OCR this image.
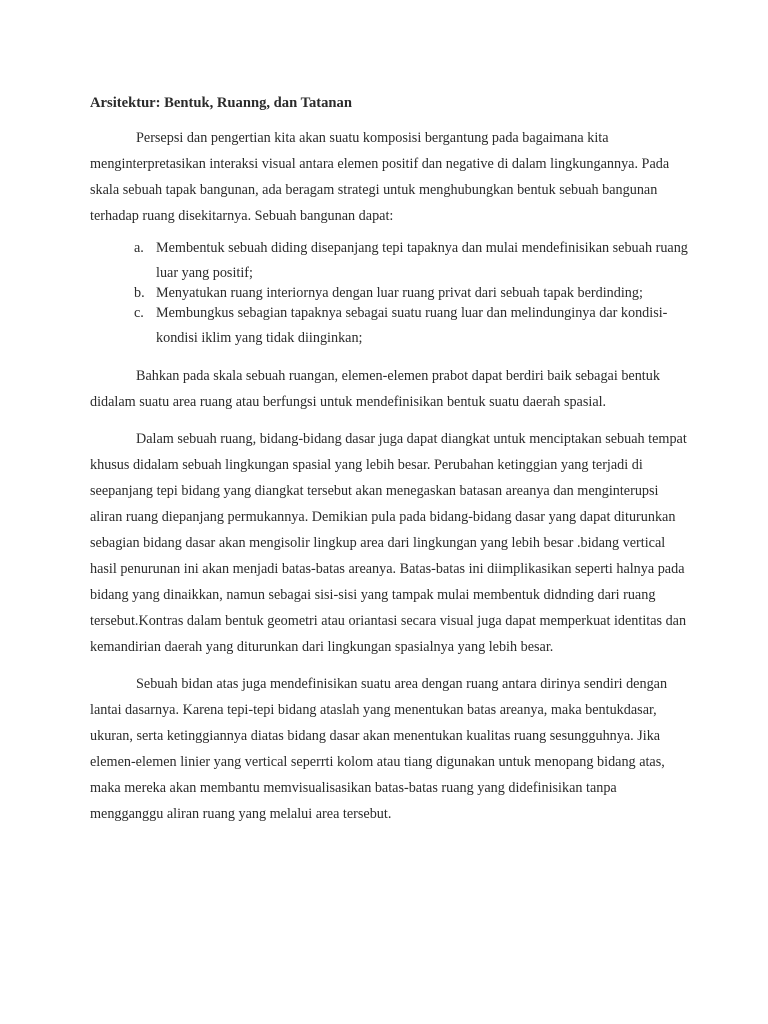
Arsitektur: Bentuk, Ruanng, dan Tatanan

Persepsi dan pengertian kita akan suatu komposisi bergantung pada bagaimana kita menginterpretasikan interaksi visual antara elemen positif dan negative di dalam lingkungannya. Pada skala sebuah tapak bangunan, ada beragam strategi untuk menghubungkan bentuk sebuah bangunan terhadap ruang disekitarnya. Sebuah bangunan dapat:

a. Membentuk sebuah diding disepanjang tepi tapaknya dan mulai mendefinisikan sebuah ruang luar yang positif;
b. Menyatukan ruang interiornya dengan luar ruang privat dari sebuah tapak berdinding;
c. Membungkus sebagian tapaknya sebagai suatu ruang luar dan melindunginya dar kondisi-kondisi iklim yang tidak diinginkan;

Bahkan pada skala sebuah ruangan, elemen-elemen prabot dapat berdiri baik sebagai bentuk didalam suatu area ruang atau berfungsi untuk mendefinisikan bentuk suatu daerah spasial.

Dalam sebuah ruang, bidang-bidang dasar juga dapat diangkat untuk menciptakan sebuah tempat khusus didalam sebuah lingkungan spasial yang lebih besar. Perubahan ketinggian yang terjadi di seepanjang tepi bidang yang diangkat tersebut akan menegaskan batasan areanya dan menginterupsi aliran ruang diepanjang permukannya. Demikian pula pada bidang-bidang dasar yang dapat diturunkan sebagian bidang dasar akan mengisolir lingkup area dari lingkungan yang lebih besar .bidang vertical hasil penurunan ini akan menjadi batas-batas areanya. Batas-batas ini diimplikasikan seperti halnya pada bidang yang dinaikkan, namun sebagai sisi-sisi yang tampak mulai membentuk didnding dari ruang tersebut.Kontras dalam bentuk geometri atau oriantasi secara visual juga dapat memperkuat identitas dan kemandirian daerah yang diturunkan dari lingkungan spasialnya yang lebih besar.

Sebuah bidan atas juga mendefinisikan suatu area dengan ruang antara dirinya sendiri dengan lantai dasarnya. Karena tepi-tepi bidang ataslah yang menentukan batas areanya, maka bentukdasar, ukuran, serta ketinggiannya diatas bidang dasar akan menentukan kualitas ruang sesungguhnya. Jika elemen-elemen linier yang vertical seperrti kolom atau tiang digunakan untuk menopang bidang atas, maka mereka akan membantu memvisualisasikan batas-batas ruang yang didefinisikan tanpa mengganggu aliran ruang yang melalui area tersebut.
